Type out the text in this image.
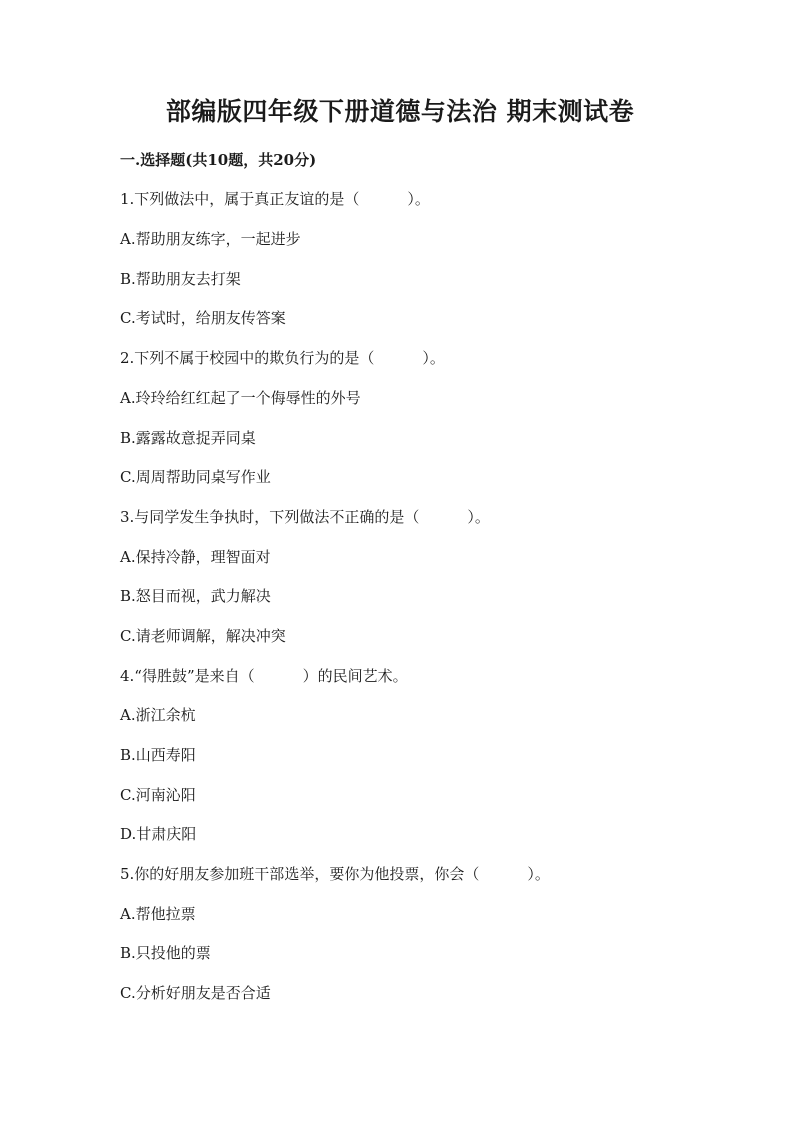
部编版四年级下册道德与法治 期末测试卷
一.选择题(共10题，共20分)
1.下列做法中，属于真正友谊的是（	）。
A.帮助朋友练字，一起进步
B.帮助朋友去打架
C.考试时，给朋友传答案
2.下列不属于校园中的欺负行为的是（	）。
A.玲玲给红红起了一个侮辱性的外号
B.露露故意捉弄同桌
C.周周帮助同桌写作业
3.与同学发生争执时，下列做法不正确的是（	）。
A.保持冷静，理智面对
B.怒目而视，武力解决
C.请老师调解，解决冲突
4.“得胜鼓”是来自（	）的民间艺术。
A.浙江余杭
B.山西寿阳
C.河南沁阳
D.甘肃庆阳
5.你的好朋友参加班干部选举，要你为他投票，你会（	）。
A.帮他拉票
B.只投他的票
C.分析好朋友是否合适
